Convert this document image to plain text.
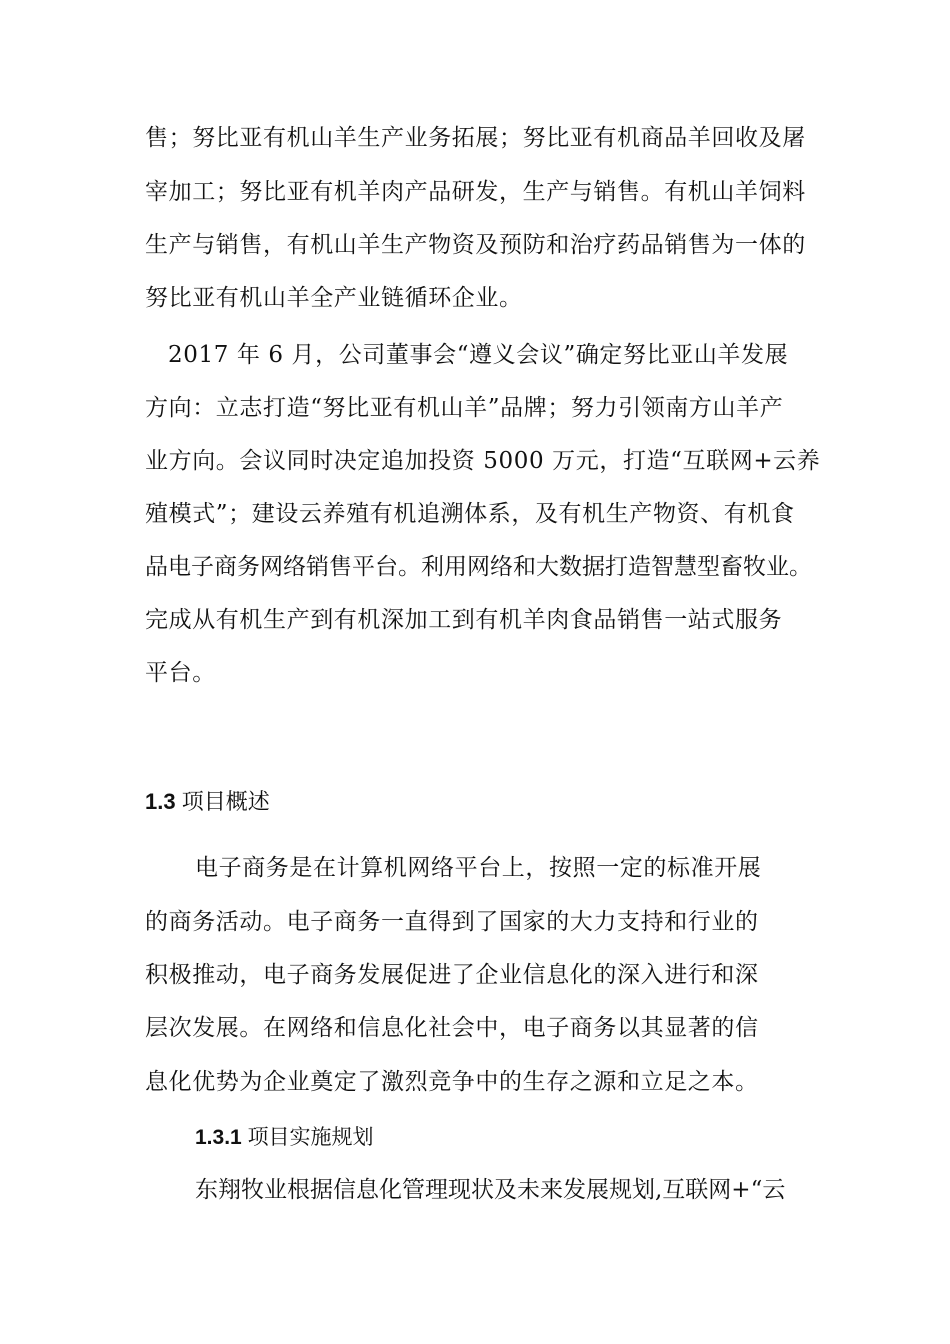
售；努比亚有机山羊生产业务拓展；努比亚有机商品羊回收及屠
宰加工；努比亚有机羊肉产品研发，生产与销售。有机山羊饲料
生产与销售，有机山羊生产物资及预防和治疗药品销售为一体的
努比亚有机山羊全产业链循环企业。
2017 年 6 月，公司董事会“遵义会议”确定努比亚山羊发展
方向：立志打造“努比亚有机山羊”品牌；努力引领南方山羊产
业方向。会议同时决定追加投资 5000 万元，打造“互联网+云养
殖模式”；建设云养殖有机追溯体系，及有机生产物资、有机食
品电子商务网络销售平台。利用网络和大数据打造智慧型畜牧业。
完成从有机生产到有机深加工到有机羊肉食品销售一站式服务
平台。
1.3 项目概述
电子商务是在计算机网络平台上，按照一定的标准开展
的商务活动。电子商务一直得到了国家的大力支持和行业的
积极推动，电子商务发展促进了企业信息化的深入进行和深
层次发展。在网络和信息化社会中，电子商务以其显著的信
息化优势为企业奠定了激烈竞争中的生存之源和立足之本。
1.3.1 项目实施规划
东翔牧业根据信息化管理现状及未来发展规划,互联网+“云
